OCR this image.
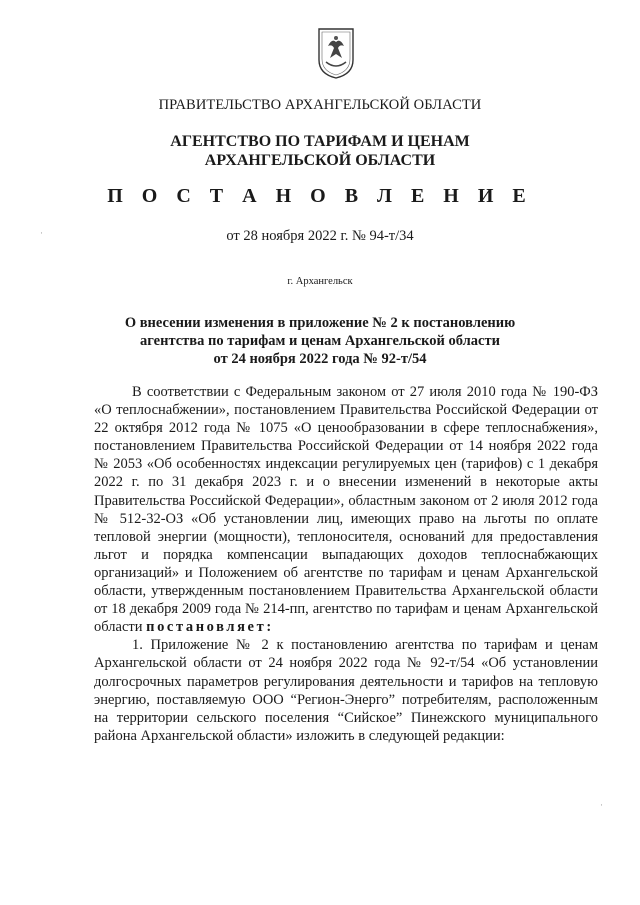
ПРАВИТЕЛЬСТВО АРХАНГЕЛЬСКОЙ ОБЛАСТИ
АГЕНТСТВО ПО ТАРИФАМ И ЦЕНАМ
АРХАНГЕЛЬСКОЙ ОБЛАСТИ
П О С Т А Н О В Л Е Н И Е
от 28 ноября 2022 г. № 94-т/34
г. Архангельск
О внесении изменения в приложение № 2 к постановлению
агентства по тарифам и ценам Архангельской области
от 24 ноября 2022 года № 92-т/54

В соответствии с Федеральным законом от 27 июля 2010 года № 190-ФЗ «О теплоснабжении», постановлением Правительства Российской Федерации от 22 октября 2012 года № 1075 «О ценообразовании в сфере теплоснабжения», постановлением Правительства Российской Федерации от 14 ноября 2022 года № 2053 «Об особенностях индексации регулируемых цен (тарифов) с 1 декабря 2022 г. по 31 декабря 2023 г. и о внесении изменений в некоторые акты Правительства Российской Федерации», областным законом от 2 июля 2012 года № 512-32-ОЗ «Об установлении лиц, имеющих право на льготы по оплате тепловой энергии (мощности), теплоносителя, оснований для предоставления льгот и порядка компенсации выпадающих доходов теплоснабжающих организаций» и Положением об агентстве по тарифам и ценам Архангельской области, утвержденным постановлением Правительства Архангельской области от 18 декабря 2009 года № 214-пп, агентство по тарифам и ценам Архангельской области постановляет:

1. Приложение № 2 к постановлению агентства по тарифам и ценам Архангельской области от 24 ноября 2022 года № 92-т/54 «Об установлении долгосрочных параметров регулирования деятельности и тарифов на тепловую энергию, поставляемую ООО “Регион-Энерго” потребителям, расположенным на территории сельского поселения “Сийское” Пинежского муниципального района Архангельской области» изложить в следующей редакции:

·
·
